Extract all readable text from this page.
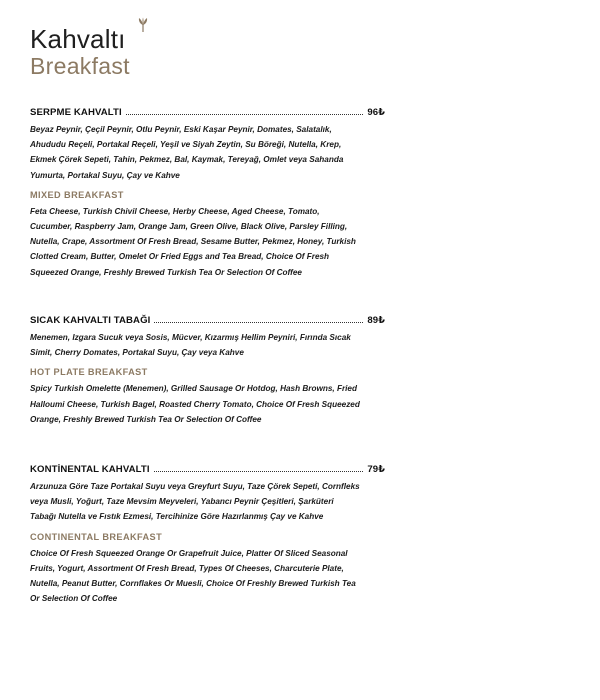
Kahvaltı
Breakfast
SERPME KAHVALTI	96₺
Beyaz Peynir, Çeçil Peynir, Otlu Peynir, Eski Kaşar Peynir, Domates, Salatalık, Ahududu Reçeli, Portakal Reçeli, Yeşil ve Siyah Zeytin, Su Böreği, Nutella, Krep, Ekmek Çörek Sepeti, Tahin, Pekmez, Bal, Kaymak, Tereyağ, Omlet veya Sahanda Yumurta, Portakal Suyu, Çay ve Kahve
MIXED BREAKFAST
Feta Cheese, Turkish Chivil Cheese, Herby Cheese, Aged Cheese, Tomato, Cucumber, Raspberry Jam, Orange Jam, Green Olive, Black Olive, Parsley Filling, Nutella, Crape, Assortment Of Fresh Bread, Sesame Butter, Pekmez, Honey, Turkish Clotted Cream, Butter, Omelet Or Fried Eggs and Tea Bread, Choice Of Fresh Squeezed Orange, Freshly Brewed Turkish Tea Or Selection Of Coffee
SICAK KAHVALTI TABAĞI	89₺
Menemen, Izgara Sucuk veya Sosis, Mücver, Kızarmış Hellim Peyniri, Fırında Sıcak Simit, Cherry Domates, Portakal Suyu, Çay veya Kahve
HOT PLATE BREAKFAST
Spicy Turkish Omelette (Menemen), Grilled Sausage Or Hotdog, Hash Browns, Fried Halloumi Cheese, Turkish Bagel, Roasted Cherry Tomato, Choice Of Fresh Squeezed Orange, Freshly Brewed Turkish Tea Or Selection Of Coffee
KONTİNENTAL KAHVALTI	79₺
Arzunuza Göre Taze Portakal Suyu veya Greyfurt Suyu, Taze Çörek Sepeti, Cornfleks veya Musli, Yoğurt, Taze Mevsim Meyveleri, Yabancı Peynir Çeşitleri, Şarküteri Tabağı Nutella ve Fıstık Ezmesi, Tercihinize Göre Hazırlanmış Çay ve Kahve
CONTINENTAL BREAKFAST
Choice Of Fresh Squeezed Orange Or Grapefruit Juice, Platter Of Sliced Seasonal Fruits, Yogurt, Assortment Of Fresh Bread, Types Of Cheeses, Charcuterie Plate, Nutella, Peanut Butter, Cornflakes Or Muesli, Choice Of Freshly Brewed Turkish Tea Or Selection Of Coffee
